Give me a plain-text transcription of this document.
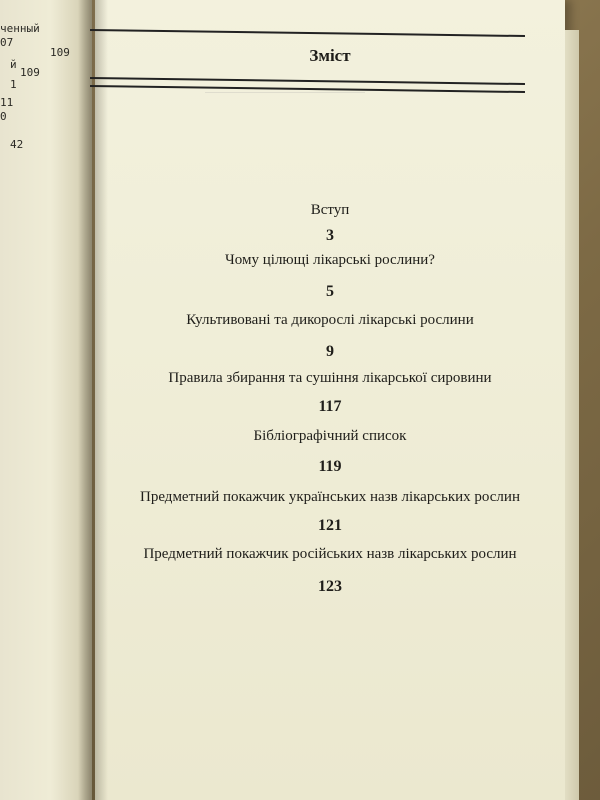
ченный
07
109
й
109
1
11
0
42
Зміст
Вступ
3
Чому цілющі лікарські рослини?
5
Культивовані та дикорослі лікарські рослини
9
Правила збирання та сушіння лікарської сировини
117
Бібліографічний список
119
Предметний покажчик українських назв лікарських рослин
121
Предметний покажчик російських назв лікарських рослин
123
